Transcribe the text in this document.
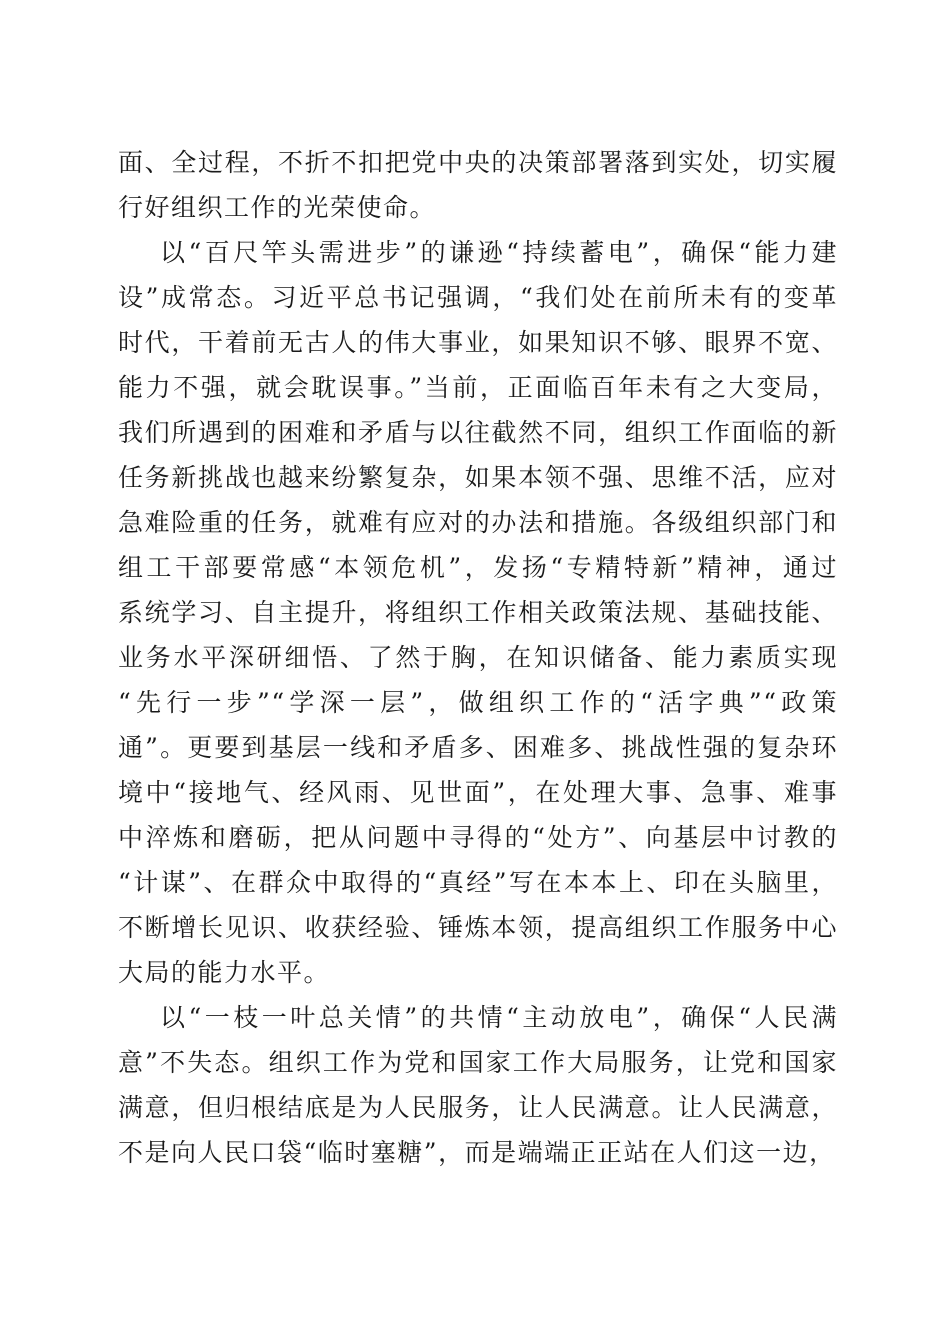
面、全过程，不折不扣把党中央的决策部署落到实处，切实履
行好组织工作的光荣使命。
以“百尺竿头需进步”的谦逊“持续蓄电”，确保“能力建
设”成常态。习近平总书记强调，“我们处在前所未有的变革
时代，干着前无古人的伟大事业，如果知识不够、眼界不宽、
能力不强，就会耽误事。”当前，正面临百年未有之大变局，
我们所遇到的困难和矛盾与以往截然不同，组织工作面临的新
任务新挑战也越来纷繁复杂，如果本领不强、思维不活，应对
急难险重的任务，就难有应对的办法和措施。各级组织部门和
组工干部要常感“本领危机”，发扬“专精特新”精神，通过
系统学习、自主提升，将组织工作相关政策法规、基础技能、
业务水平深研细悟、了然于胸，在知识储备、能力素质实现
“先行一步”“学深一层”，做组织工作的“活字典”“政策
通”。更要到基层一线和矛盾多、困难多、挑战性强的复杂环
境中“接地气、经风雨、见世面”，在处理大事、急事、难事
中淬炼和磨砺，把从问题中寻得的“处方”、向基层中讨教的
“计谋”、在群众中取得的“真经”写在本本上、印在头脑里，
不断增长见识、收获经验、锤炼本领，提高组织工作服务中心
大局的能力水平。
以“一枝一叶总关情”的共情“主动放电”，确保“人民满
意”不失态。组织工作为党和国家工作大局服务，让党和国家
满意，但归根结底是为人民服务，让人民满意。让人民满意，
不是向人民口袋“临时塞糖”，而是端端正正站在人们这一边，
